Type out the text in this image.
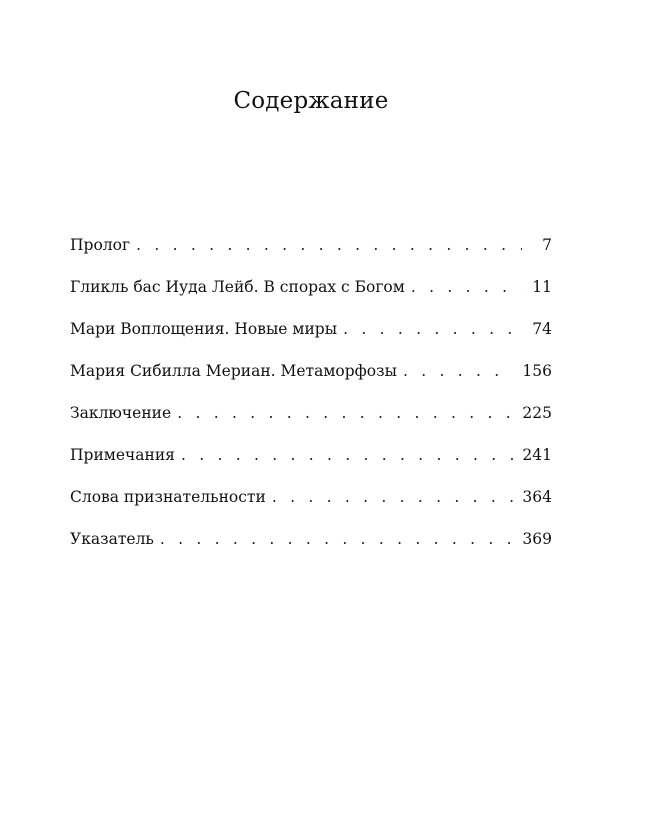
Содержание
Пролог . . .	7
Гликль бас Иуда Лейб. В спорах с Богом . . .	11
Мари Воплощения. Новые миры . . .	74
Мария Сибилла Мериан. Метаморфозы . . .	156
Заключение . . .	225
Примечания . . .	241
Слова признательности . . .	364
Указатель . . .	369
